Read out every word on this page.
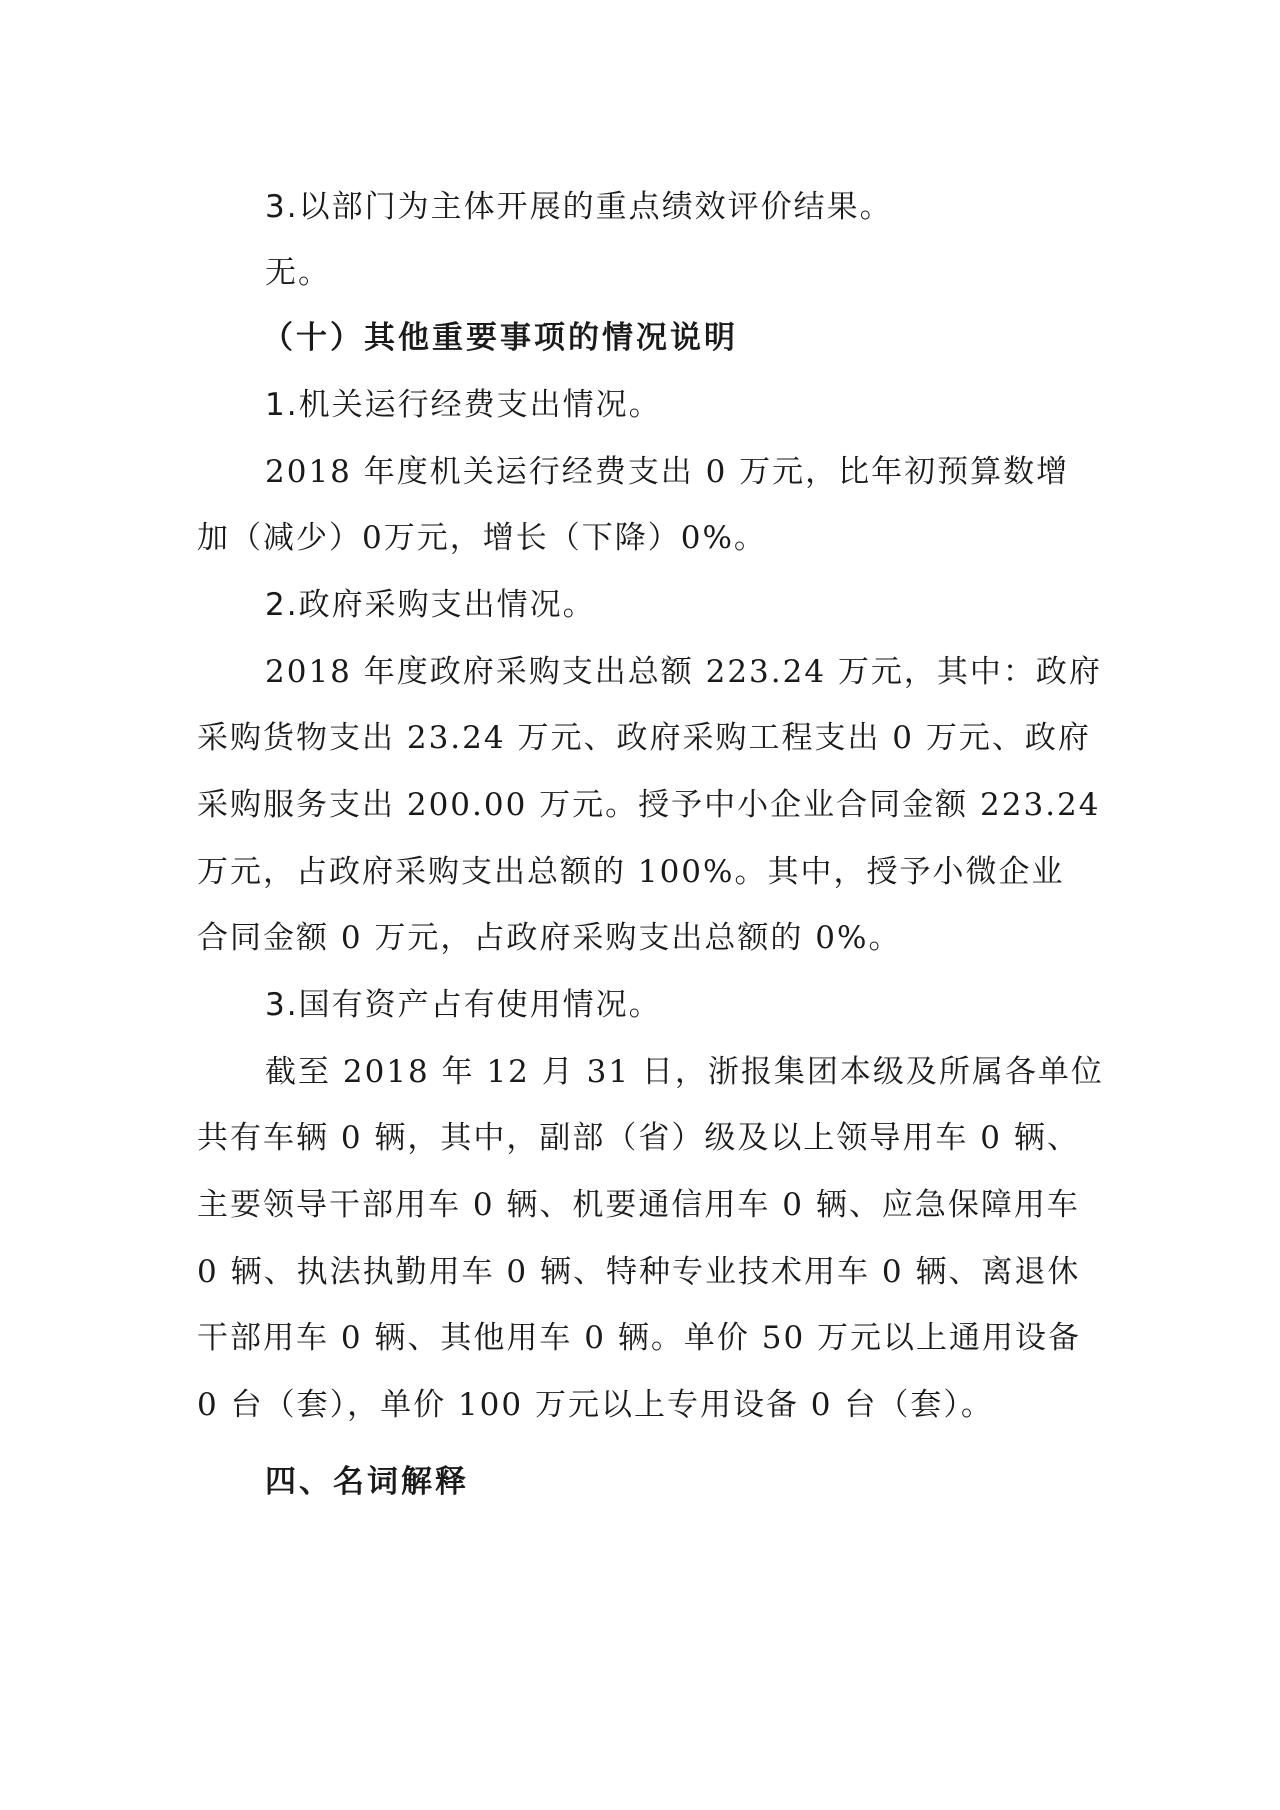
3.以部门为主体开展的重点绩效评价结果。

无。

（十）其他重要事项的情况说明

1.机关运行经费支出情况。

2018 年度机关运行经费支出 0 万元，比年初预算数增

加（减少）0万元，增长（下降）0%。

2.政府采购支出情况。

2018 年度政府采购支出总额 223.24 万元，其中：政府

采购货物支出 23.24 万元、政府采购工程支出 0 万元、政府

采购服务支出 200.00 万元。授予中小企业合同金额 223.24

万元，占政府采购支出总额的 100%。其中，授予小微企业

合同金额 0 万元，占政府采购支出总额的 0%。

3.国有资产占有使用情况。

截至 2018 年 12 月 31 日，浙报集团本级及所属各单位

共有车辆 0 辆，其中，副部（省）级及以上领导用车 0 辆、

主要领导干部用车 0 辆、机要通信用车 0 辆、应急保障用车

0 辆、执法执勤用车 0 辆、特种专业技术用车 0 辆、离退休

干部用车 0 辆、其他用车 0 辆。单价 50 万元以上通用设备

0 台（套），单价 100 万元以上专用设备 0 台（套）。

四、名词解释
